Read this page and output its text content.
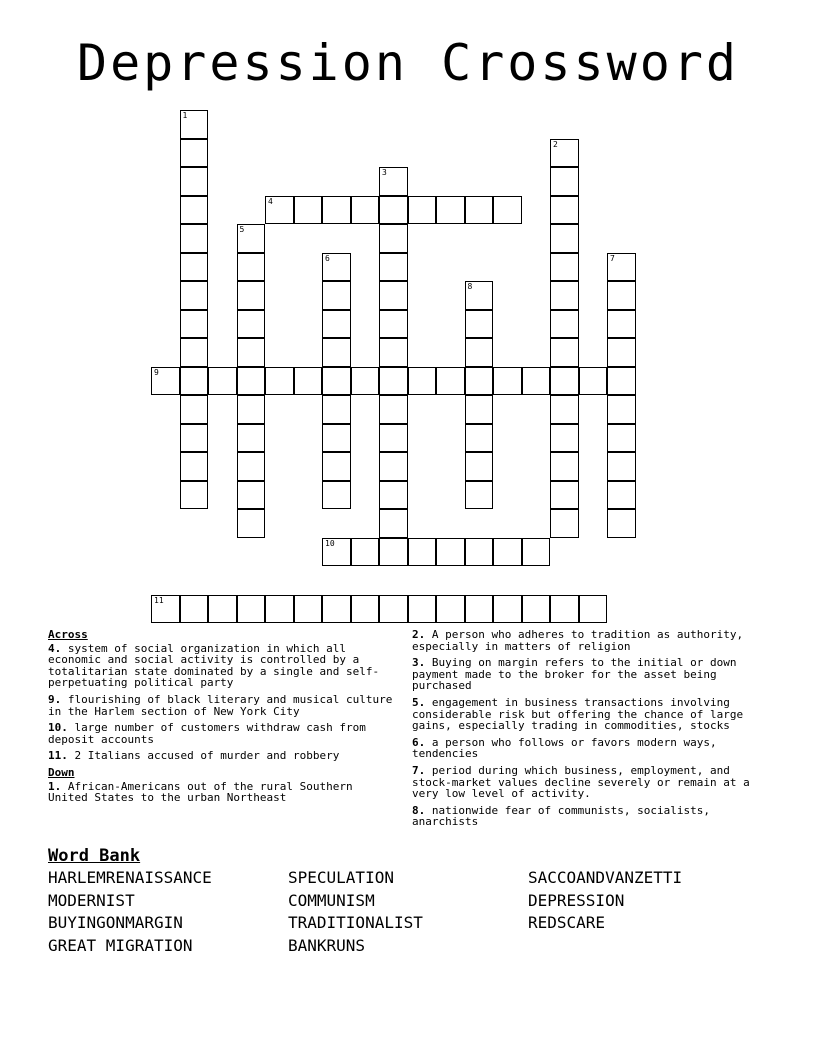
Depression Crossword
1
2
3
4
5
6	7
8
9
10
11
Across
4. system of social organization in which all economic and social activity is controlled by a totalitarian state dominated by a single and self-perpetuating political party
9. flourishing of black literary and musical culture in the Harlem section of New York City
10. large number of customers withdraw cash from deposit accounts
11. 2 Italians accused of murder and robbery
Down
1. African-Americans out of the rural Southern United States to the urban Northeast
2. A person who adheres to tradition as authority, especially in matters of religion
3. Buying on margin refers to the initial or down payment made to the broker for the asset being purchased
5. engagement in business transactions involving considerable risk but offering the chance of large gains, especially trading in commodities, stocks
6. a person who follows or favors modern ways, tendencies
7. period during which business, employment, and stock-market values decline severely or remain at a very low level of activity.
8. nationwide fear of communists, socialists, anarchists
Word Bank
HARLEMRENAISSANCE
MODERNIST
BUYINGONMARGIN
GREAT MIGRATION
SPECULATION
COMMUNISM
TRADITIONALIST
BANKRUNS
SACCOANDVANZETTI
DEPRESSION
REDSCARE
